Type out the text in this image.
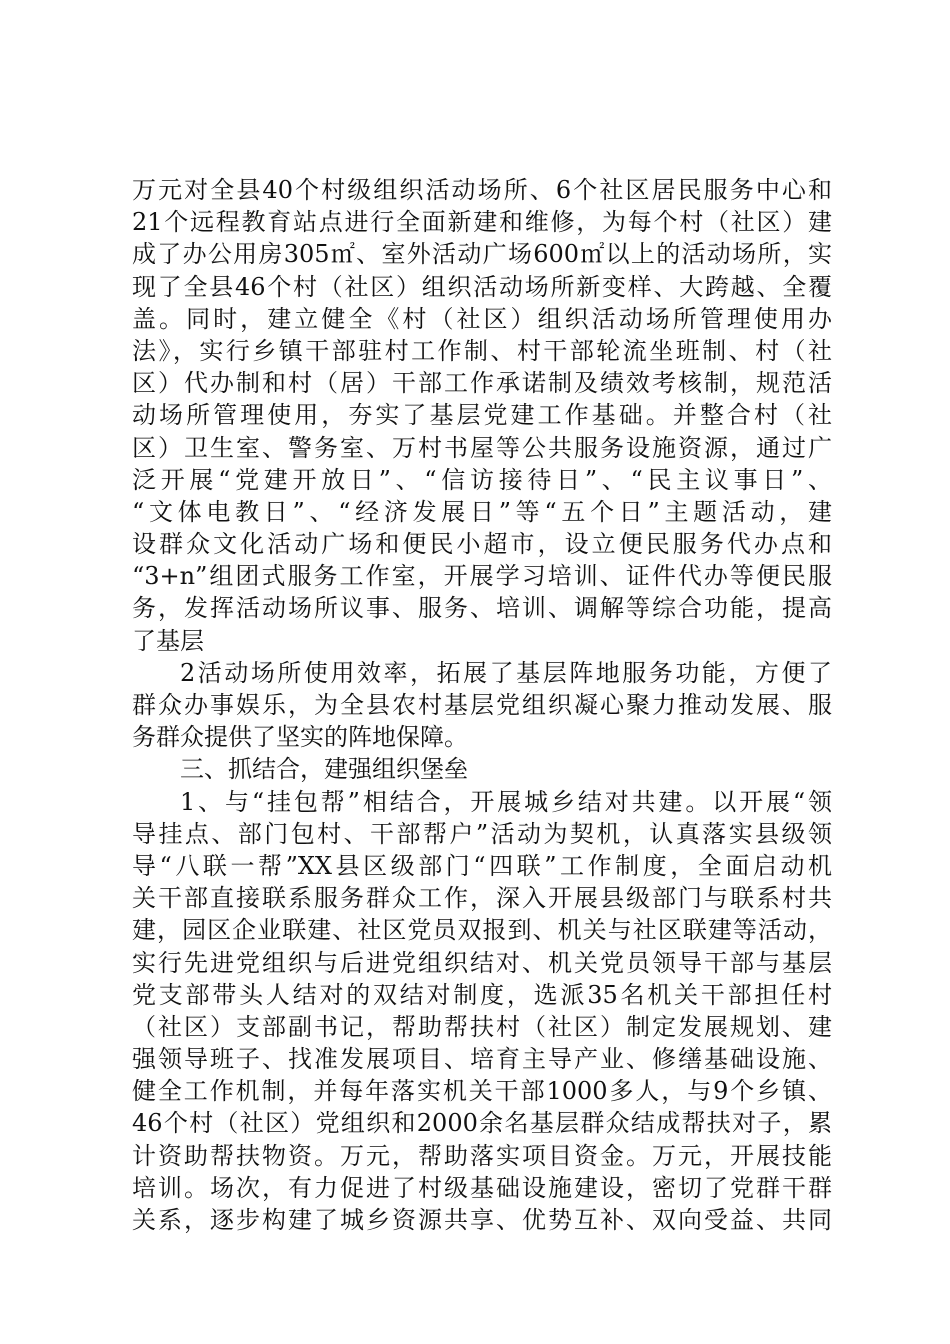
万元对全县40个村级组织活动场所、6个社区居民服务中心和
21个远程教育站点进行全面新建和维修，为每个村（社区）建
成了办公用房305㎡、室外活动广场600㎡以上的活动场所，实
现了全县46个村（社区）组织活动场所新变样、大跨越、全覆
盖。同时，建立健全《村（社区）组织活动场所管理使用办
法》，实行乡镇干部驻村工作制、村干部轮流坐班制、村（社
区）代办制和村（居）干部工作承诺制及绩效考核制，规范活
动场所管理使用，夯实了基层党建工作基础。并整合村（社
区）卫生室、警务室、万村书屋等公共服务设施资源，通过广
泛开展“党建开放日”、“信访接待日”、“民主议事日”、
“文体电教日”、“经济发展日”等“五个日”主题活动，建
设群众文化活动广场和便民小超市，设立便民服务代办点和
“3+n”组团式服务工作室，开展学习培训、证件代办等便民服
务，发挥活动场所议事、服务、培训、调解等综合功能，提高
了基层
2活动场所使用效率，拓展了基层阵地服务功能，方便了
群众办事娱乐，为全县农村基层党组织凝心聚力推动发展、服
务群众提供了坚实的阵地保障。
三、抓结合，建强组织堡垒
1、与“挂包帮”相结合，开展城乡结对共建。以开展“领
导挂点、部门包村、干部帮户”活动为契机，认真落实县级领
导“八联一帮”XX县区级部门“四联”工作制度，全面启动机
关干部直接联系服务群众工作，深入开展县级部门与联系村共
建，园区企业联建、社区党员双报到、机关与社区联建等活动，
实行先进党组织与后进党组织结对、机关党员领导干部与基层
党支部带头人结对的双结对制度，选派35名机关干部担任村
（社区）支部副书记，帮助帮扶村（社区）制定发展规划、建
强领导班子、找准发展项目、培育主导产业、修缮基础设施、
健全工作机制，并每年落实机关干部1000多人，与9个乡镇、
46个村（社区）党组织和2000余名基层群众结成帮扶对子，累
计资助帮扶物资。万元，帮助落实项目资金。万元，开展技能
培训。场次，有力促进了村级基础设施建设，密切了党群干群
关系，逐步构建了城乡资源共享、优势互补、双向受益、共同
